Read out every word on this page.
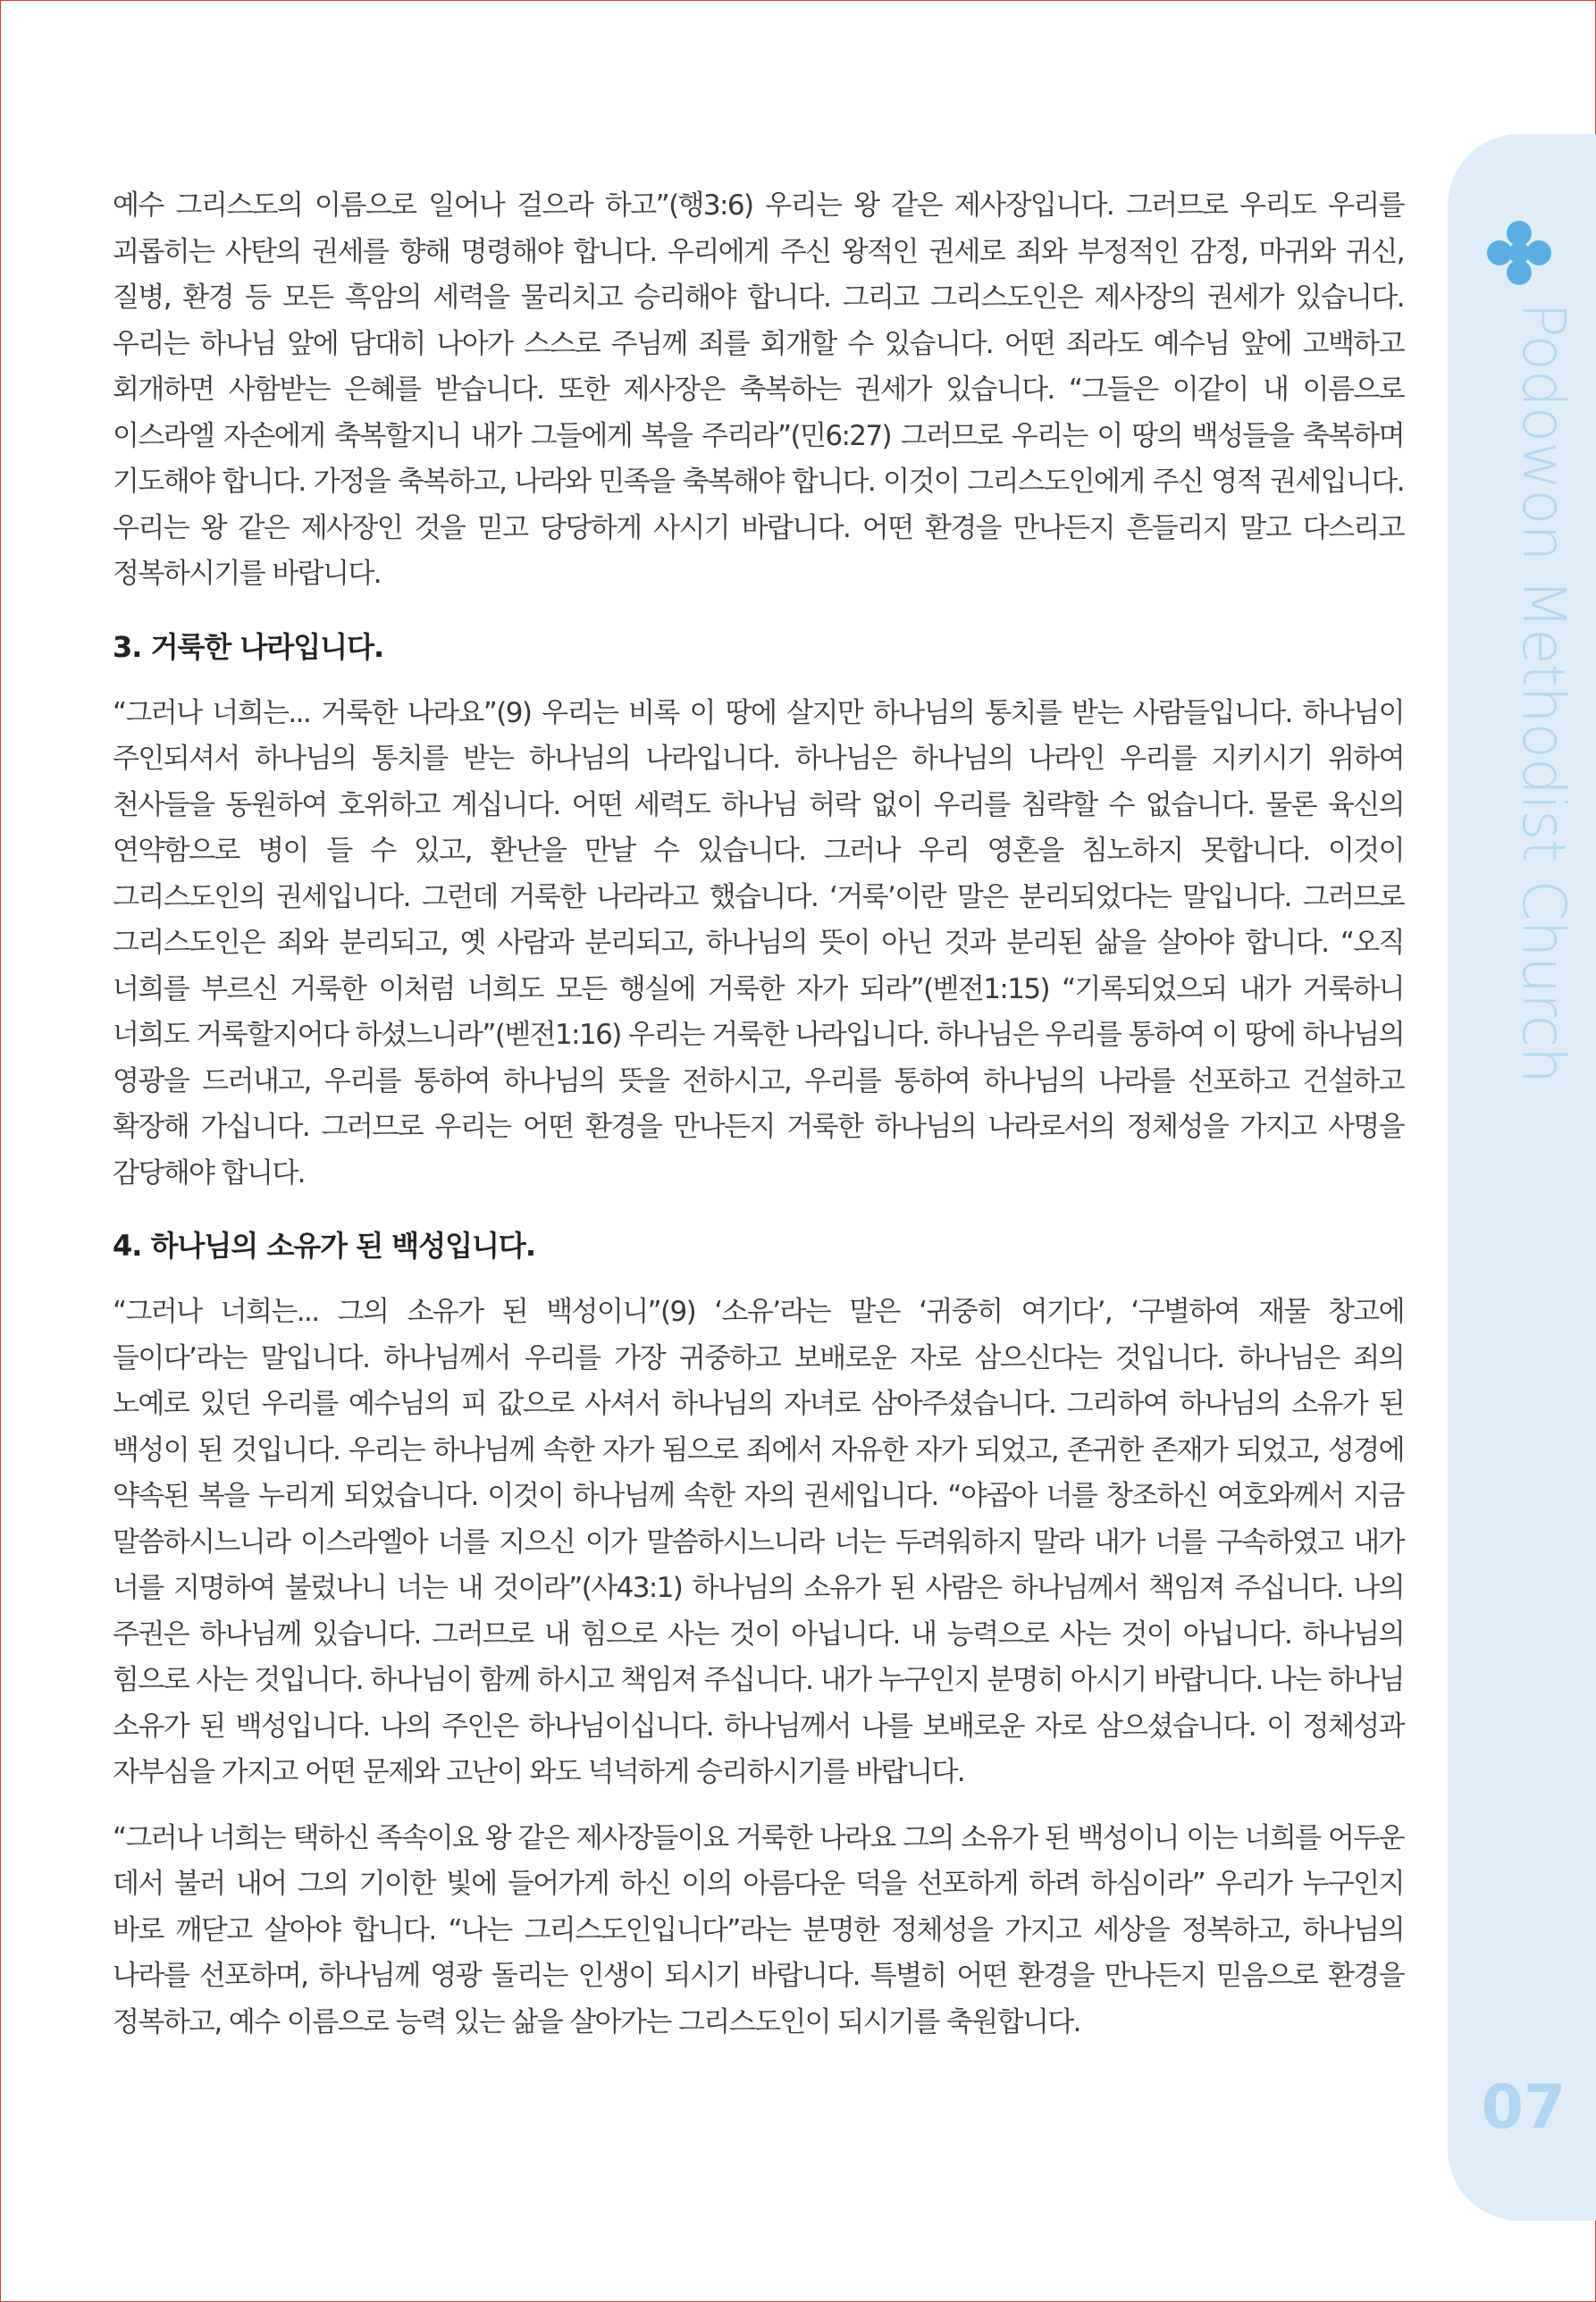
Podowon Methodist Church
07

예수 그리스도의 이름으로 일어나 걸으라 하고”(행3:6) 우리는 왕 같은 제사장입니다. 그러므로 우리도 우리를 괴롭히는 사탄의 권세를 향해 명령해야 합니다. 우리에게 주신 왕적인 권세로 죄와 부정적인 감정, 마귀와 귀신, 질병, 환경 등 모든 흑암의 세력을 물리치고 승리해야 합니다. 그리고 그리스도인은 제사장의 권세가 있습니다. 우리는 하나님 앞에 담대히 나아가 스스로 주님께 죄를 회개할 수 있습니다. 어떤 죄라도 예수님 앞에 고백하고 회개하면 사함받는 은혜를 받습니다. 또한 제사장은 축복하는 권세가 있습니다. “그들은 이같이 내 이름으로 이스라엘 자손에게 축복할지니 내가 그들에게 복을 주리라”(민6:27) 그러므로 우리는 이 땅의 백성들을 축복하며 기도해야 합니다. 가정을 축복하고, 나라와 민족을 축복해야 합니다. 이것이 그리스도인에게 주신 영적 권세입니다. 우리는 왕 같은 제사장인 것을 믿고 당당하게 사시기 바랍니다. 어떤 환경을 만나든지 흔들리지 말고 다스리고 정복하시기를 바랍니다.

3. 거룩한 나라입니다.

“그러나 너희는... 거룩한 나라요”(9) 우리는 비록 이 땅에 살지만 하나님의 통치를 받는 사람들입니다. 하나님이 주인되셔서 하나님의 통치를 받는 하나님의 나라입니다. 하나님은 하나님의 나라인 우리를 지키시기 위하여 천사들을 동원하여 호위하고 계십니다. 어떤 세력도 하나님 허락 없이 우리를 침략할 수 없습니다. 물론 육신의 연약함으로 병이 들 수 있고, 환난을 만날 수 있습니다. 그러나 우리 영혼을 침노하지 못합니다. 이것이 그리스도인의 권세입니다. 그런데 거룩한 나라라고 했습니다. ‘거룩’이란 말은 분리되었다는 말입니다. 그러므로 그리스도인은 죄와 분리되고, 옛 사람과 분리되고, 하나님의 뜻이 아닌 것과 분리된 삶을 살아야 합니다. “오직 너희를 부르신 거룩한 이처럼 너희도 모든 행실에 거룩한 자가 되라”(벧전1:15) “기록되었으되 내가 거룩하니 너희도 거룩할지어다 하셨느니라”(벧전1:16) 우리는 거룩한 나라입니다. 하나님은 우리를 통하여 이 땅에 하나님의 영광을 드러내고, 우리를 통하여 하나님의 뜻을 전하시고, 우리를 통하여 하나님의 나라를 선포하고 건설하고 확장해 가십니다. 그러므로 우리는 어떤 환경을 만나든지 거룩한 하나님의 나라로서의 정체성을 가지고 사명을 감당해야 합니다.

4. 하나님의 소유가 된 백성입니다.

“그러나 너희는... 그의 소유가 된 백성이니”(9) ‘소유’라는 말은 ‘귀중히 여기다’, ‘구별하여 재물 창고에 들이다’라는 말입니다. 하나님께서 우리를 가장 귀중하고 보배로운 자로 삼으신다는 것입니다. 하나님은 죄의 노예로 있던 우리를 예수님의 피 값으로 사셔서 하나님의 자녀로 삼아주셨습니다. 그리하여 하나님의 소유가 된 백성이 된 것입니다. 우리는 하나님께 속한 자가 됨으로 죄에서 자유한 자가 되었고, 존귀한 존재가 되었고, 성경에 약속된 복을 누리게 되었습니다. 이것이 하나님께 속한 자의 권세입니다. “야곱아 너를 창조하신 여호와께서 지금 말씀하시느니라 이스라엘아 너를 지으신 이가 말씀하시느니라 너는 두려워하지 말라 내가 너를 구속하였고 내가 너를 지명하여 불렀나니 너는 내 것이라”(사43:1) 하나님의 소유가 된 사람은 하나님께서 책임져 주십니다. 나의 주권은 하나님께 있습니다. 그러므로 내 힘으로 사는 것이 아닙니다. 내 능력으로 사는 것이 아닙니다. 하나님의 힘으로 사는 것입니다. 하나님이 함께 하시고 책임져 주십니다. 내가 누구인지 분명히 아시기 바랍니다. 나는 하나님 소유가 된 백성입니다. 나의 주인은 하나님이십니다. 하나님께서 나를 보배로운 자로 삼으셨습니다. 이 정체성과 자부심을 가지고 어떤 문제와 고난이 와도 넉넉하게 승리하시기를 바랍니다.

“그러나 너희는 택하신 족속이요 왕 같은 제사장들이요 거룩한 나라요 그의 소유가 된 백성이니 이는 너희를 어두운 데서 불러 내어 그의 기이한 빛에 들어가게 하신 이의 아름다운 덕을 선포하게 하려 하심이라” 우리가 누구인지 바로 깨닫고 살아야 합니다. “나는 그리스도인입니다”라는 분명한 정체성을 가지고 세상을 정복하고, 하나님의 나라를 선포하며, 하나님께 영광 돌리는 인생이 되시기 바랍니다. 특별히 어떤 환경을 만나든지 믿음으로 환경을 정복하고, 예수 이름으로 능력 있는 삶을 살아가는 그리스도인이 되시기를 축원합니다.
